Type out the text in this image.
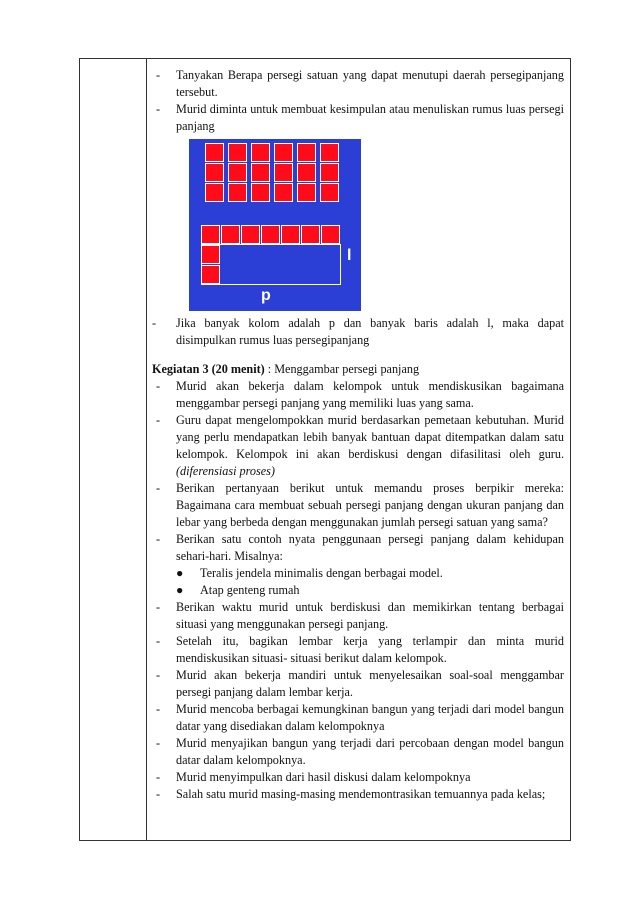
- Tanyakan Berapa persegi satuan yang dapat menutupi daerah persegipanjang tersebut.
- Murid diminta untuk membuat kesimpulan atau menuliskan rumus luas persegi panjang
l
p
- Jika banyak kolom adalah p dan banyak baris adalah l, maka dapat disimpulkan rumus luas persegipanjang
Kegiatan 3 (20 menit) : Menggambar persegi panjang
- Murid akan bekerja dalam kelompok untuk mendiskusikan bagaimana menggambar persegi panjang yang memiliki luas yang sama.
- Guru dapat mengelompokkan murid berdasarkan pemetaan kebutuhan. Murid yang perlu mendapatkan lebih banyak bantuan dapat ditempatkan dalam satu kelompok. Kelompok ini akan berdiskusi dengan difasilitasi oleh guru. (diferensiasi proses)
- Berikan pertanyaan berikut untuk memandu proses berpikir mereka: Bagaimana cara membuat sebuah persegi panjang dengan ukuran panjang dan lebar yang berbeda dengan menggunakan jumlah persegi satuan yang sama?
- Berikan satu contoh nyata penggunaan persegi panjang dalam kehidupan sehari-hari. Misalnya:
● Teralis jendela minimalis dengan berbagai model.
● Atap genteng rumah
- Berikan waktu murid untuk berdiskusi dan memikirkan tentang berbagai situasi yang menggunakan persegi panjang.
- Setelah itu, bagikan lembar kerja yang terlampir dan minta murid mendiskusikan situasi- situasi berikut dalam kelompok.
- Murid akan bekerja mandiri untuk menyelesaikan soal-soal menggambar persegi panjang dalam lembar kerja.
- Murid mencoba berbagai kemungkinan bangun yang terjadi dari model bangun datar yang disediakan dalam kelompoknya
- Murid menyajikan bangun yang terjadi dari percobaan dengan model bangun datar dalam kelompoknya.
- Murid menyimpulkan dari hasil diskusi dalam kelompoknya
- Salah satu murid masing-masing mendemontrasikan temuannya pada kelas;
